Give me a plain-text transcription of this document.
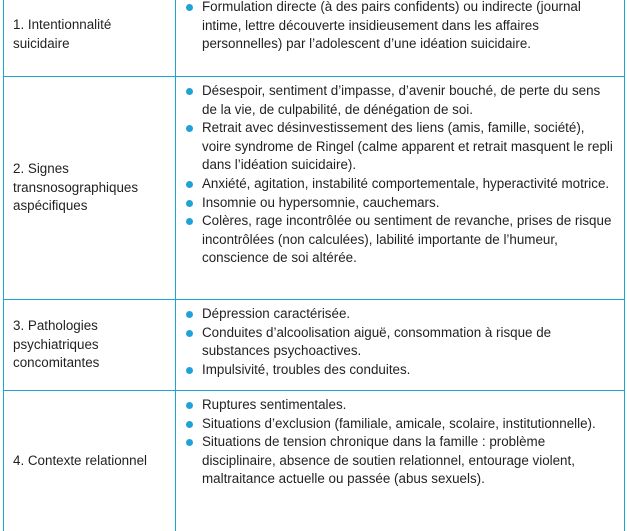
1. Intentionnalité suicidaire
Formulation directe (à des pairs confidents) ou indirecte (journal intime, lettre découverte insidieusement dans les affaires personnelles) par l’adolescent d’une idéation suicidaire.
2. Signes transnosographiques aspécifiques
Désespoir, sentiment d’impasse, d’avenir bouché, de perte du sens de la vie, de culpabilité, de dénégation de soi.
Retrait avec désinvestissement des liens (amis, famille, société), voire syndrome de Ringel (calme apparent et retrait masquent le repli dans l’idéation suicidaire).
Anxiété, agitation, instabilité comportementale, hyperactivité motrice.
Insomnie ou hypersomnie, cauchemars.
Colères, rage incontrôlée ou sentiment de revanche, prises de risque incontrôlées (non calculées), labilité importante de l’humeur, conscience de soi altérée.
3. Pathologies psychiatriques concomitantes
Dépression caractérisée.
Conduites d’alcoolisation aiguë, consommation à risque de substances psychoactives.
Impulsivité, troubles des conduites.
4. Contexte relationnel
Ruptures sentimentales.
Situations d’exclusion (familiale, amicale, scolaire, institutionnelle).
Situations de tension chronique dans la famille : problème disciplinaire, absence de soutien relationnel, entourage violent, maltraitance actuelle ou passée (abus sexuels).
